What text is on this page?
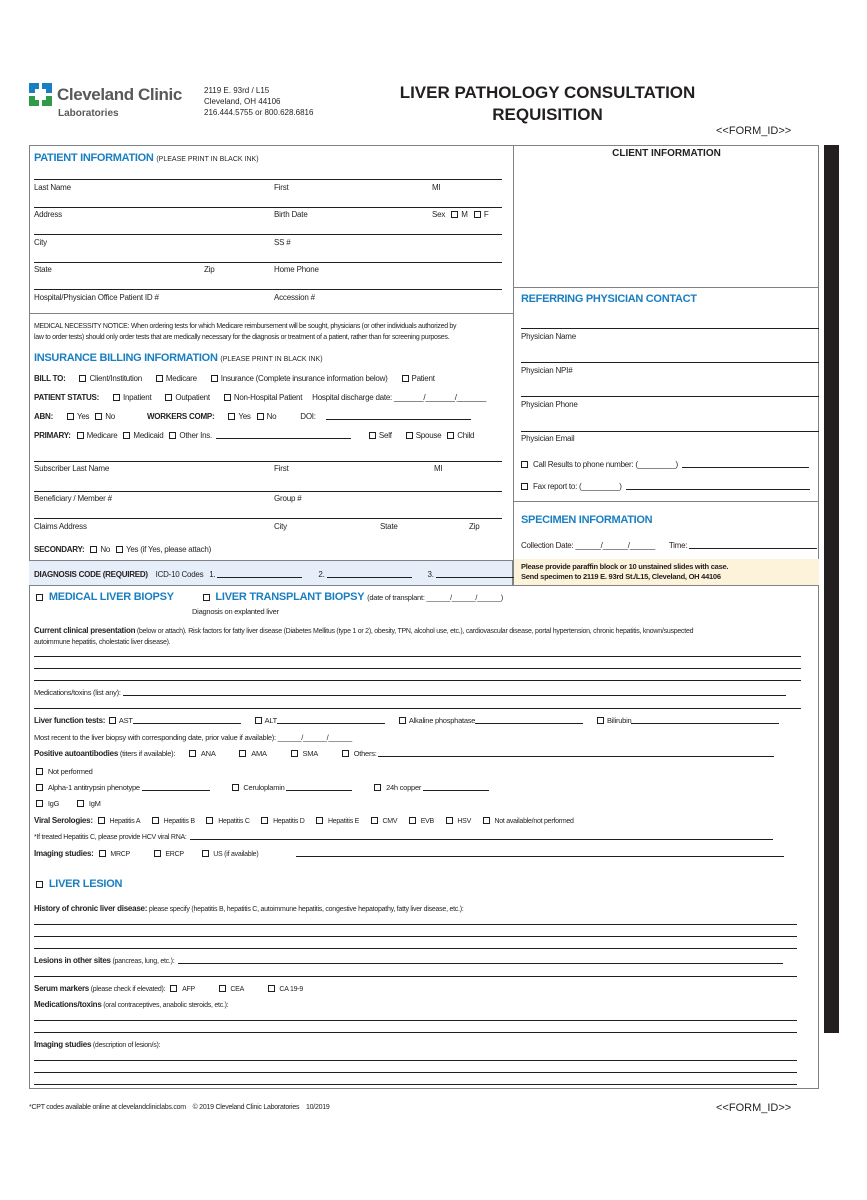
Cleveland Clinic
Laboratories
2119 E. 93rd / L15
Cleveland, OH 44106
216.444.5755 or 800.628.6816
LIVER PATHOLOGY CONSULTATION
REQUISITION
<<FORM_ID>>
PATIENT INFORMATION (PLEASE PRINT IN BLACK INK)
Last Name	First	MI
Address	Birth Date	Sex M F
City	SS #
State	Zip	Home Phone
Hospital/Physician Office Patient ID #	Accession #
MEDICAL NECESSITY NOTICE: When ordering tests for which Medicare reimbursement will be sought, physicians (or other individuals authorized by
law to order tests) should only order tests that are medically necessary for the diagnosis or treatment of a patient, rather than for screening purposes.
INSURANCE BILLING INFORMATION (PLEASE PRINT IN BLACK INK)
BILL TO:	Client/Institution	Medicare	Insurance (Complete insurance information below)	Patient
PATIENT STATUS:	Inpatient	Outpatient	Non-Hospital Patient Hospital discharge date: _______/_______/_______
ABN:	Yes No	WORKERS COMP:	Yes No	DOI:
PRIMARY: Medicare Medicaid Other Ins.	Self	Spouse Child
Subscriber Last Name	First	MI
Beneficiary / Member #	Group #
Claims Address	City	State	Zip
SECONDARY: No Yes (if Yes, please attach)
DIAGNOSIS CODE (REQUIRED) ICD-10 Codes 1.	2.	3.
CLIENT INFORMATION
REFERRING PHYSICIAN CONTACT
Physician Name
Physician NPI#
Physician Phone
Physician Email
Call Results to phone number: (_________)
Fax report to: (_________)
SPECIMEN INFORMATION
Collection Date: ______/______/______ Time:
Please provide paraffin block or 10 unstained slides with case.
Send specimen to 2119 E. 93rd St./L15, Cleveland, OH 44106
MEDICAL LIVER BIOPSY	LIVER TRANSPLANT BIOPSY (date of transplant: ______/______/______)
Diagnosis on explanted liver
Current clinical presentation (below or attach). Risk factors for fatty liver disease (Diabetes Mellitus (type 1 or 2), obesity, TPN, alcohol use, etc.), cardiovascular disease, portal hypertension, chronic hepatitis, known/suspected
autoimmune hepatitis, cholestatic liver disease).
Medications/toxins (list any):
Liver function tests: AST	ALT	Alkaline phosphatase	Bilirubin
Most recent to the liver biopsy with corresponding date, prior value if available): ______/______/______
Positive autoantibodies (titers if available):	ANA	AMA	SMA	Others:
Not performed
Alpha-1 antitrypsin phenotype	Ceruloplamin	24h copper
IgG	IgM
Viral Serologies: Hepatitis A	Hepatitis B	Hepatitis C	Hepatitis D	Hepatitis E	CMV	EVB	HSV	Not available/not performed
*If treated Hepatitis C, please provide HCV viral RNA:
Imaging studies: MRCP	ERCP	US (if available)
LIVER LESION
History of chronic liver disease: please specify (hepatitis B, hepatitis C, autoimmune hepatitis, congestive hepatopathy, fatty liver disease, etc.):
Lesions in other sites (pancreas, lung, etc.):
Serum markers (please check if elevated): AFP	CEA	CA 19-9
Medications/toxins (oral contraceptives, anabolic steroids, etc.):
Imaging studies (description of lesion/s):
*CPT codes available online at clevelandcliniclabs.com    © 2019 Cleveland Clinic Laboratories    10/2019	<<FORM_ID>>
